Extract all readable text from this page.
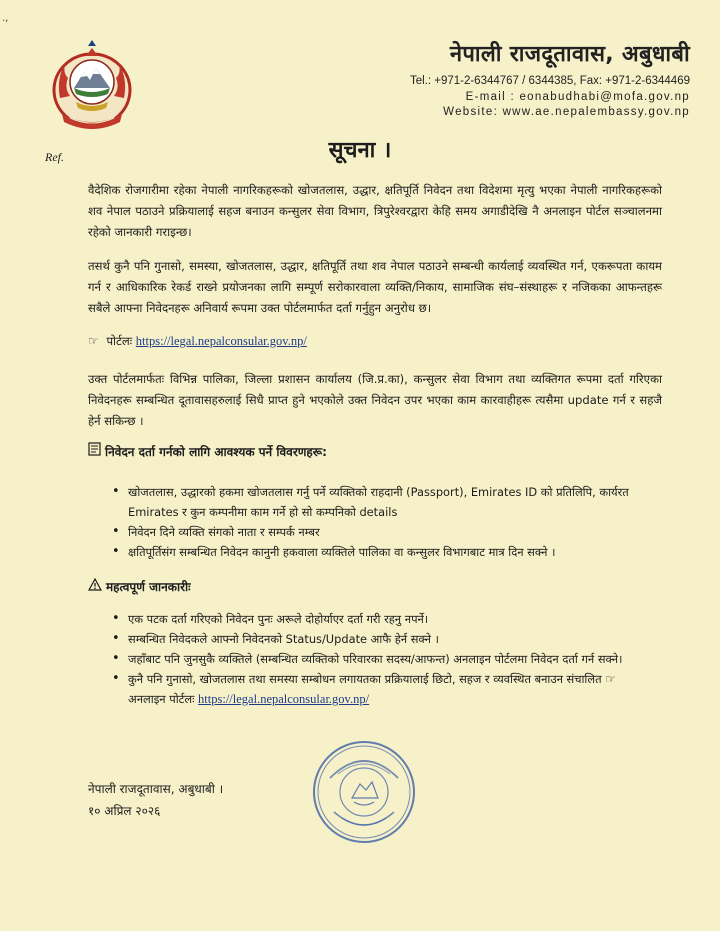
.,
नेपाली राजदूतावास, अबुधाबी
Tel.: +971-2-6344767 / 6344385, Fax: +971-2-6344469
E-mail : eonabudhabi@mofa.gov.np
Website: www.ae.nepalembassy.gov.np
Ref.	सूचना ।
वैदेशिक रोजगारीमा रहेका नेपाली नागरिकहरूको खोजतलास, उद्धार, क्षतिपूर्ति निवेदन तथा विदेशमा मृत्यु भएका नेपाली नागरिकहरूको शव नेपाल पठाउने प्रक्रियालाई सहज बनाउन कन्सुलर सेवा विभाग, त्रिपुरेश्वरद्वारा केहि समय अगाडीदेखि नै अनलाइन पोर्टल सञ्चालनमा रहेको जानकारी गराइन्छ।
तसर्थ कुनै पनि गुनासो, समस्या, खोजतलास, उद्धार, क्षतिपूर्ति तथा शव नेपाल पठाउने सम्बन्धी कार्यलाई व्यवस्थित गर्न, एकरूपता कायम गर्न र आधिकारिक रेकर्ड राख्ने प्रयोजनका लागि सम्पूर्ण सरोकारवाला व्यक्ति/निकाय, सामाजिक संघ–संस्थाहरू र नजिकका आफन्तहरू सबैले आफ्ना निवेदनहरू अनिवार्य रूपमा उक्त पोर्टलमार्फत दर्ता गर्नुहुन अनुरोध छ।
☞ पोर्टलः https://legal.nepalconsular.gov.np/
उक्त पोर्टलमार्फतः विभिन्न पालिका, जिल्ला प्रशासन कार्यालय (जि.प्र.का), कन्सुलर सेवा विभाग तथा व्यक्तिगत रूपमा दर्ता गरिएका निवेदनहरू सम्बन्धित दूतावासहरुलाई सिधै प्राप्त हुने भएकोले उक्त निवेदन उपर भएका काम कारवाहीहरू त्यसैमा update गर्न र सहजै हेर्न सकिन्छ ।
निवेदन दर्ता गर्नको लागि आवश्यक पर्ने विवरणहरू:
• खोजतलास, उद्धारको हकमा खोजतलास गर्नु पर्ने व्यक्तिको राहदानी (Passport), Emirates ID को प्रतिलिपि, कार्यरत Emirates र कुन कम्पनीमा काम गर्ने हो सो कम्पनिको details
• निवेदन दिने व्यक्ति संगको नाता र सम्पर्क नम्बर
• क्षतिपूर्तिसंग सम्बन्धित निवेदन कानुनी हकवाला व्यक्तिले पालिका वा कन्सुलर विभागबाट मात्र दिन सक्ने ।
महत्वपूर्ण जानकारीः
• एक पटक दर्ता गरिएको निवेदन पुनः अरूले दोहोर्याएर दर्ता गरी रहनु नपर्ने।
• सम्बन्धित निवेदकले आफ्नो निवेदनको Status/Update आफै हेर्न सक्ने ।
• जहाँबाट पनि जुनसुकै व्यक्तिले (सम्बन्धित व्यक्तिको परिवारका सदस्य/आफन्त) अनलाइन पोर्टलमा निवेदन दर्ता गर्न सक्ने।
• कुनै पनि गुनासो, खोजतलास तथा समस्या सम्बोधन लगायतका प्रक्रियालाई छिटो, सहज र व्यवस्थित बनाउन संचालित ☞ अनलाइन पोर्टलः https://legal.nepalconsular.gov.np/
नेपाली राजदूतावास, अबुधाबी ।
१० अप्रिल २०२६
